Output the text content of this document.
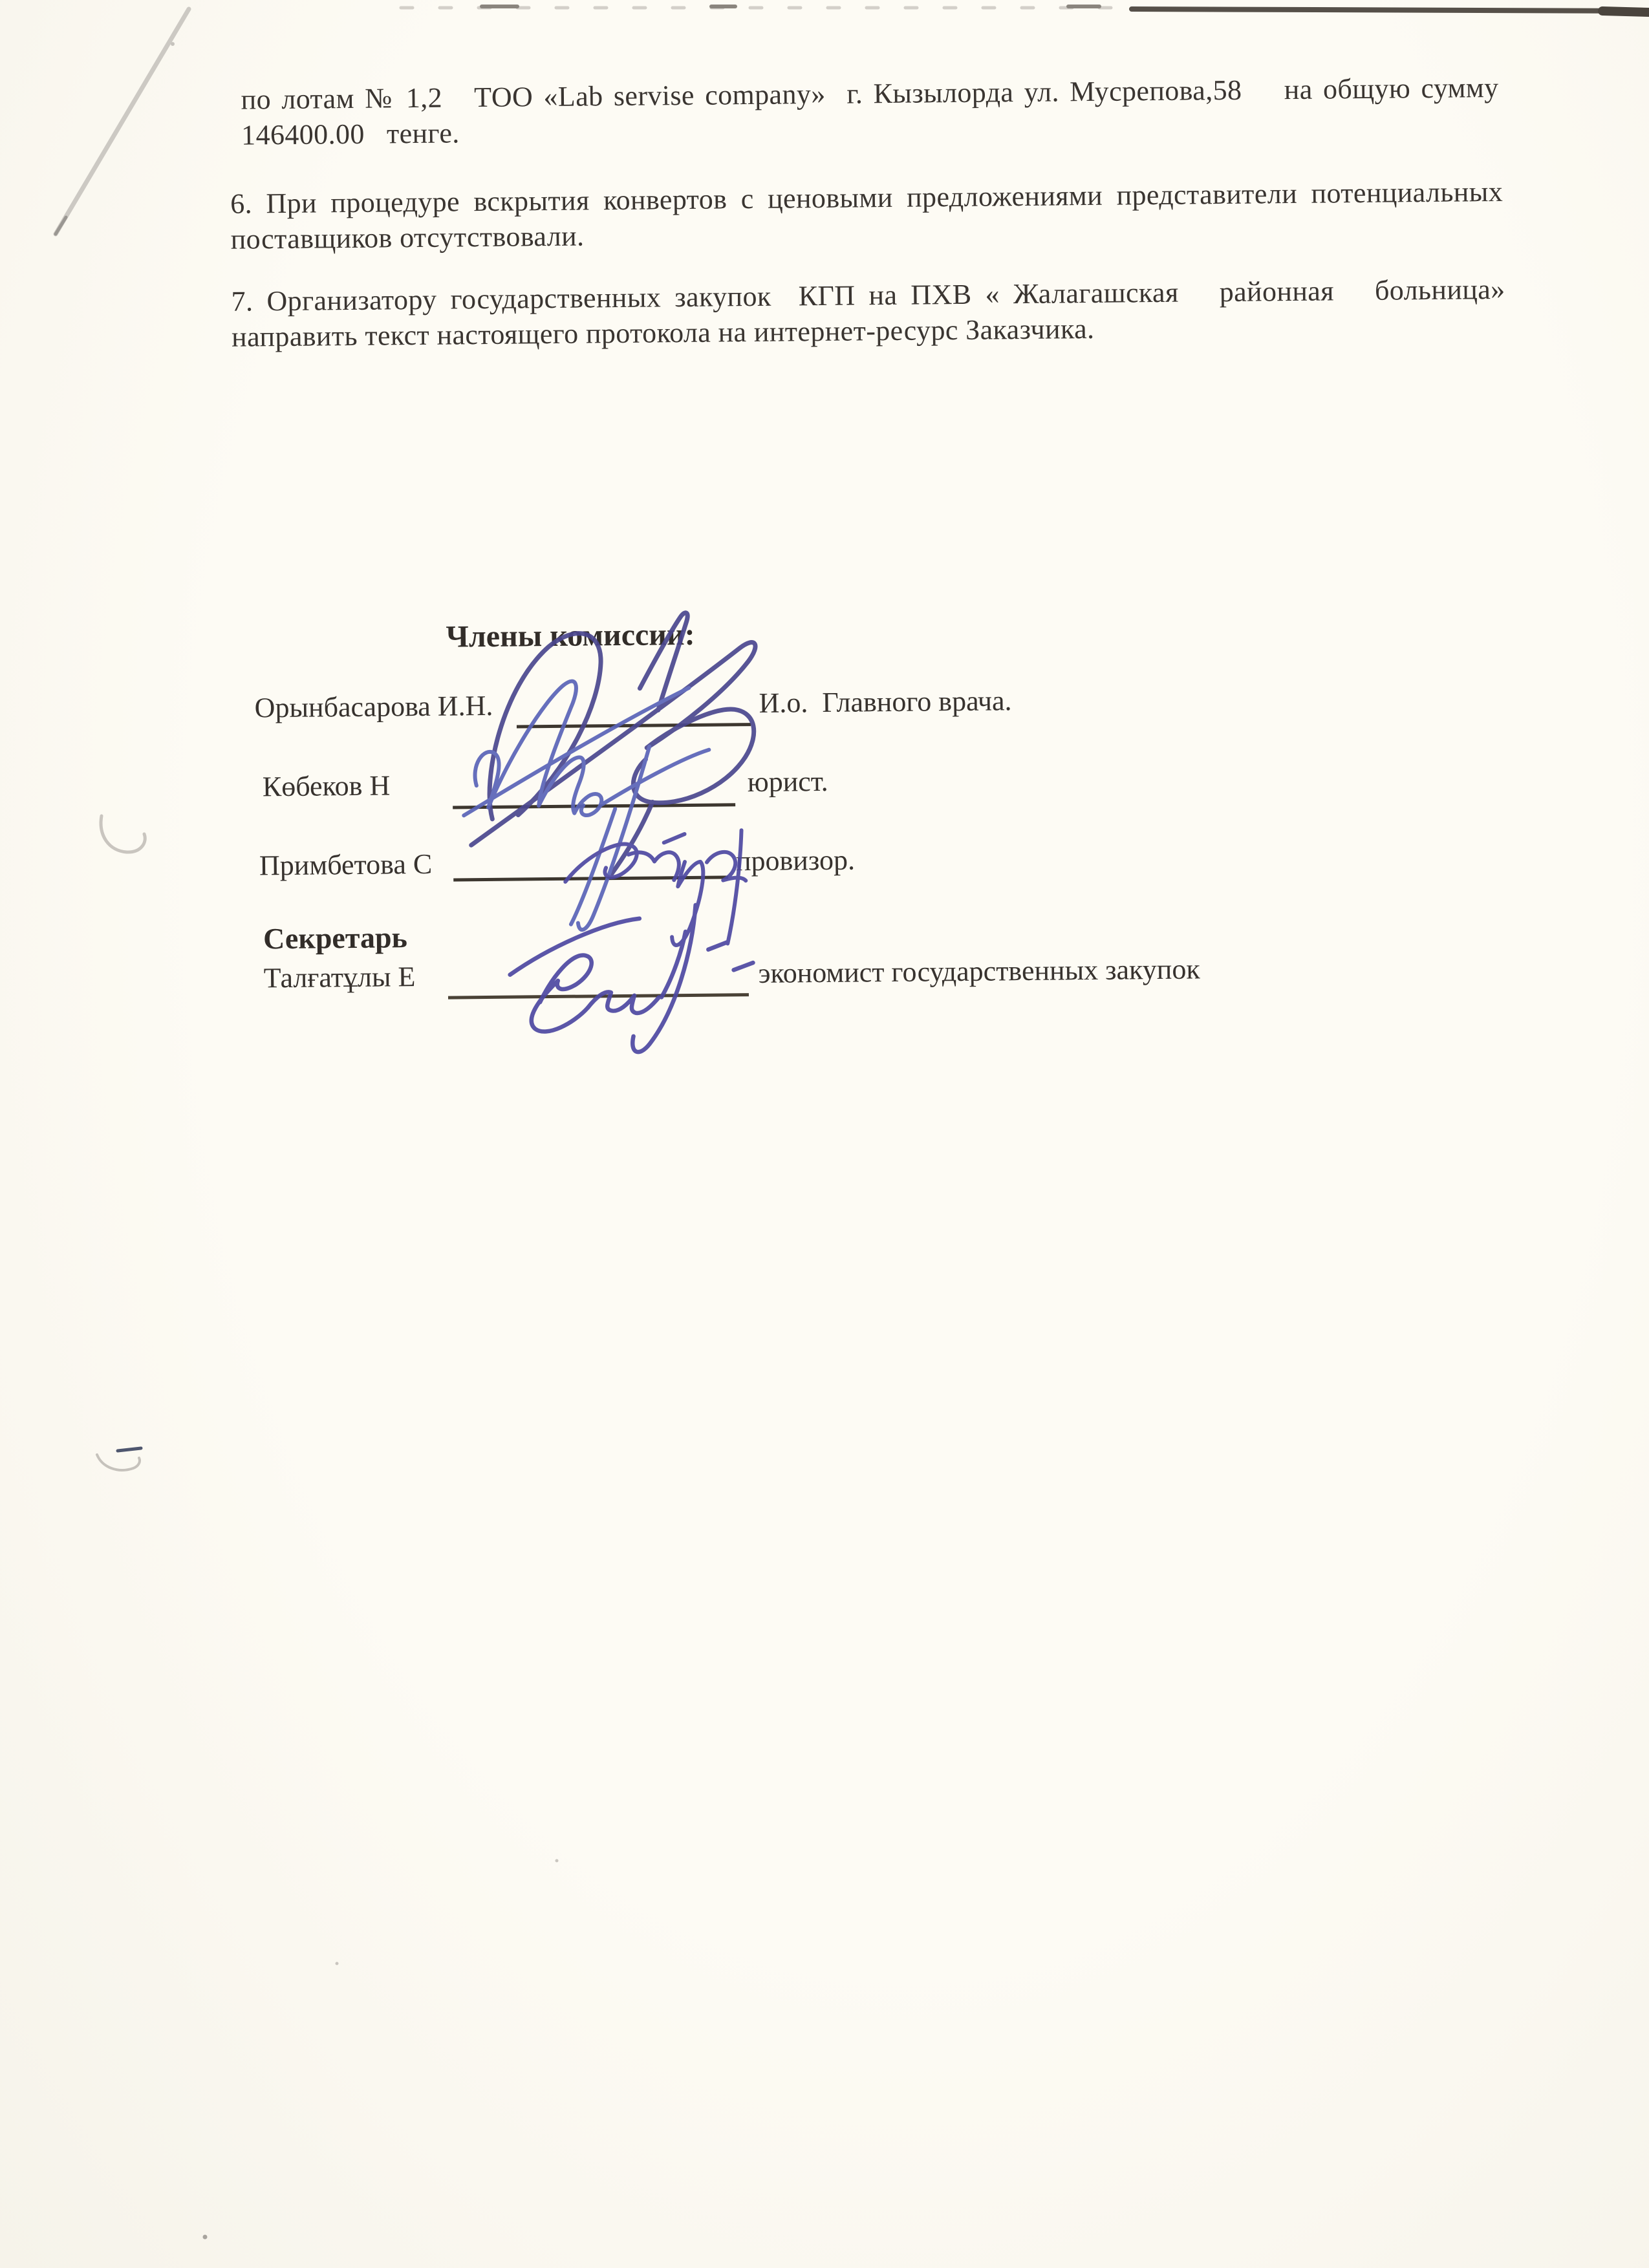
по лотам № 1,2   ТОО «Lab servise company»  г. Кызылорда ул. Мусрепова,58    на общую сумму
146400.00   тенге.
6. При процедуре вскрытия конвертов с ценовыми предложениями представители потенциальных
поставщиков отсутствовали.
7. Организатору государственных закупок  КГП на ПХВ « Жалагашская   районная   больница»
направить текст настоящего протокола на интернет-ресурс Заказчика.
Члены комиссии:
Орынбасарова И.Н.	И.о.  Главного врача.
Көбеков Н	юрист.
Примбетова С	провизор.
Секретарь
Талғатұлы Е	экономист государственных закупок
